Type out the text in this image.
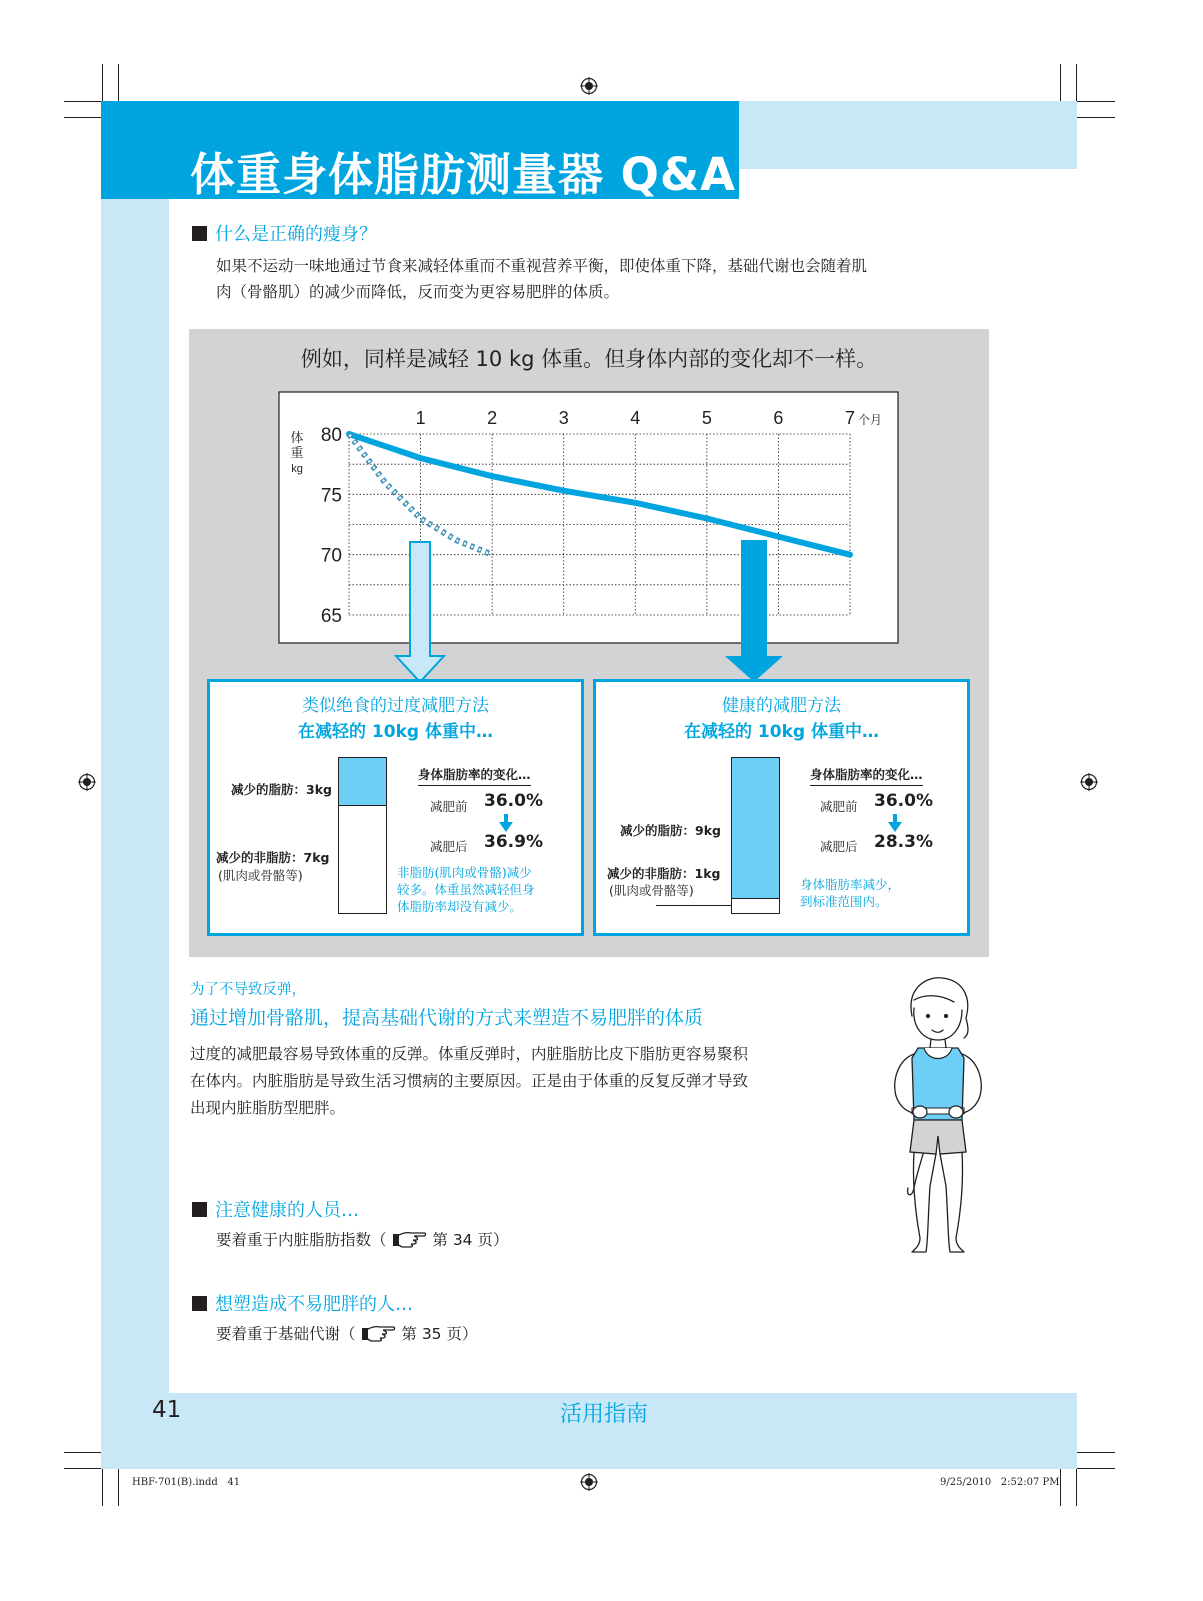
体重身体脂肪测量器 Q&A
41	活用指南
什么是正确的瘦身？
如果不运动一味地通过节食来减轻体重而不重视营养平衡，即使体重下降，基础代谢也会随着肌
肉（骨骼肌）的减少而降低，反而变为更容易肥胖的体质。
例如，同样是减轻 10 kg 体重。但身体内部的变化却不一样。
1	2	3	4	5	6	7 个月
80
75
70
65
体
重
kg
类似绝食的过度减肥方法
在减轻的 10kg 体重中…
减少的脂肪：3kg
减少的非脂肪：7kg
(肌肉或骨骼等)
身体脂肪率的变化…
减肥前 36.0%
减肥后 36.9%
非脂肪(肌肉或骨骼)减少
较多。体重虽然减轻但身
体脂肪率却没有减少。
健康的减肥方法
在减轻的 10kg 体重中…
减少的脂肪：9kg
减少的非脂肪：1kg
(肌肉或骨骼等)
身体脂肪率的变化…
减肥前 36.0%
减肥后 28.3%
身体脂肪率减少，
到标准范围内。
为了不导致反弹，
通过增加骨骼肌，提高基础代谢的方式来塑造不易肥胖的体质
过度的减肥最容易导致体重的反弹。体重反弹时，内脏脂肪比皮下脂肪更容易聚积
在体内。内脏脂肪是导致生活习惯病的主要原因。正是由于体重的反复反弹才导致
出现内脏脂肪型肥胖。
注意健康的人员…
要着重于内脏脂肪指数（	第 34 页）
想塑造成不易肥胖的人…
要着重于基础代谢（	第 35 页）
HBF-701(B).indd   41	9/25/2010   2:52:07 PM
